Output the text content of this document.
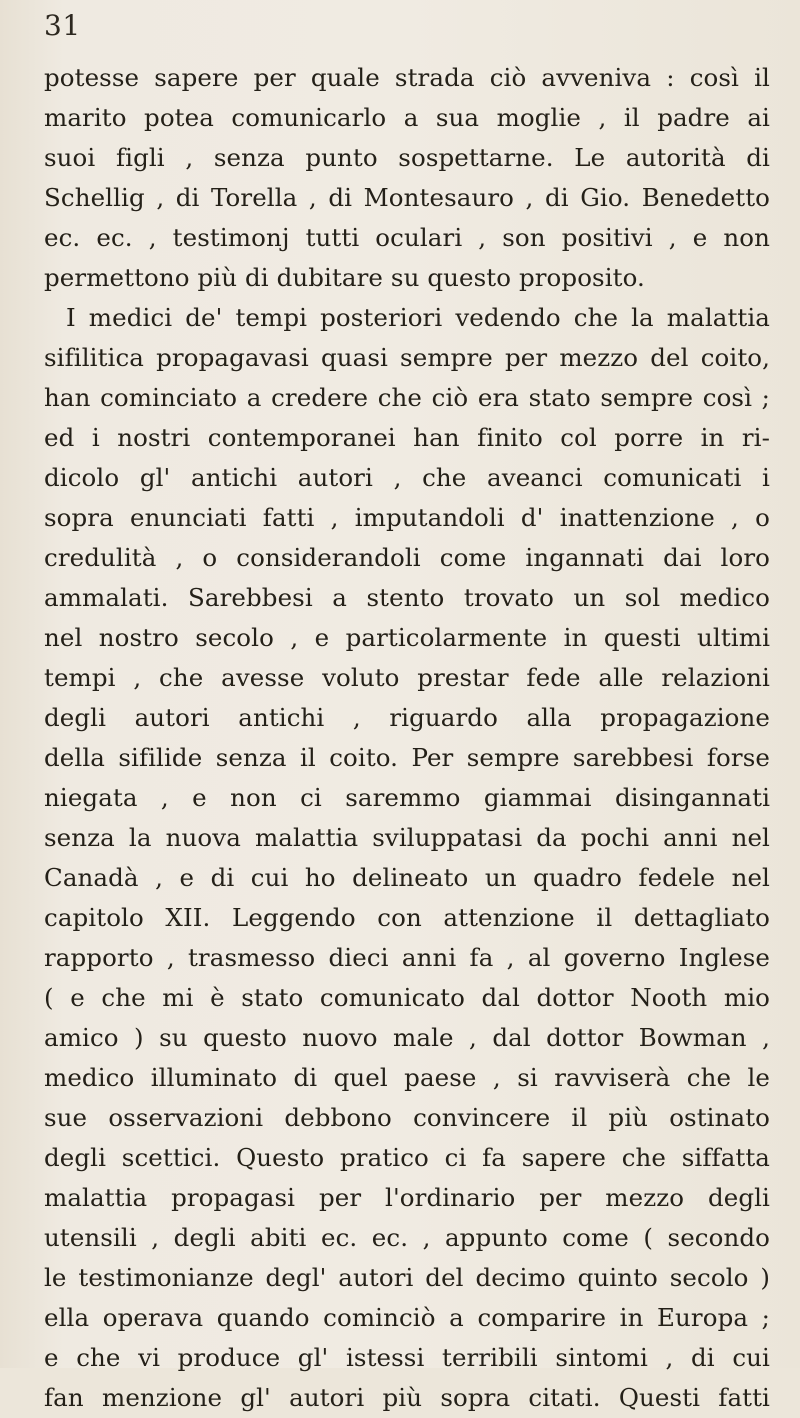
31
potesse sapere per quale strada ciò avveniva : così il
marito potea comunicarlo a sua moglie , il padre ai
suoi figli , senza punto sospettarne. Le autorità di
Schellig , di Torella , di Montesauro , di Gio. Benedetto
ec. ec. , testimonj tutti oculari , son positivi , e non
permettono più di dubitare su questo proposito.
I medici de' tempi posteriori vedendo che la malattia
sifilitica propagavasi quasi sempre per mezzo del coito,
han cominciato a credere che ciò era stato sempre così ;
ed i nostri contemporanei han finito col porre in ri-
dicolo gl' antichi autori , che aveanci comunicati i
sopra enunciati fatti , imputandoli d' inattenzione , o
credulità , o considerandoli come ingannati dai loro
ammalati. Sarebbesi a stento trovato un sol medico
nel nostro secolo , e particolarmente in questi ultimi
tempi , che avesse voluto prestar fede alle relazioni
degli autori antichi , riguardo alla propagazione
della sifilide senza il coito. Per sempre sarebbesi forse
niegata , e non ci saremmo giammai disingannati
senza la nuova malattia sviluppatasi da pochi anni nel
Canadà , e di cui ho delineato un quadro fedele nel
capitolo XII. Leggendo con attenzione il dettagliato
rapporto , trasmesso dieci anni fa , al governo Inglese
( e che mi è stato comunicato dal dottor Nooth mio
amico ) su questo nuovo male , dal dottor Bowman ,
medico illuminato di quel paese , si ravviserà che le
sue osservazioni debbono convincere il più ostinato
degli scettici. Questo pratico ci fa sapere che siffatta
malattia propagasi per l'ordinario per mezzo degli
utensili , degli abiti ec. ec. , appunto come ( secondo
le testimonianze degl' autori del decimo quinto secolo )
ella operava quando cominciò a comparire in Europa ;
e che vi produce gl' istessi terribili sintomi , di cui
fan menzione gl' autori più sopra citati. Questi fatti
